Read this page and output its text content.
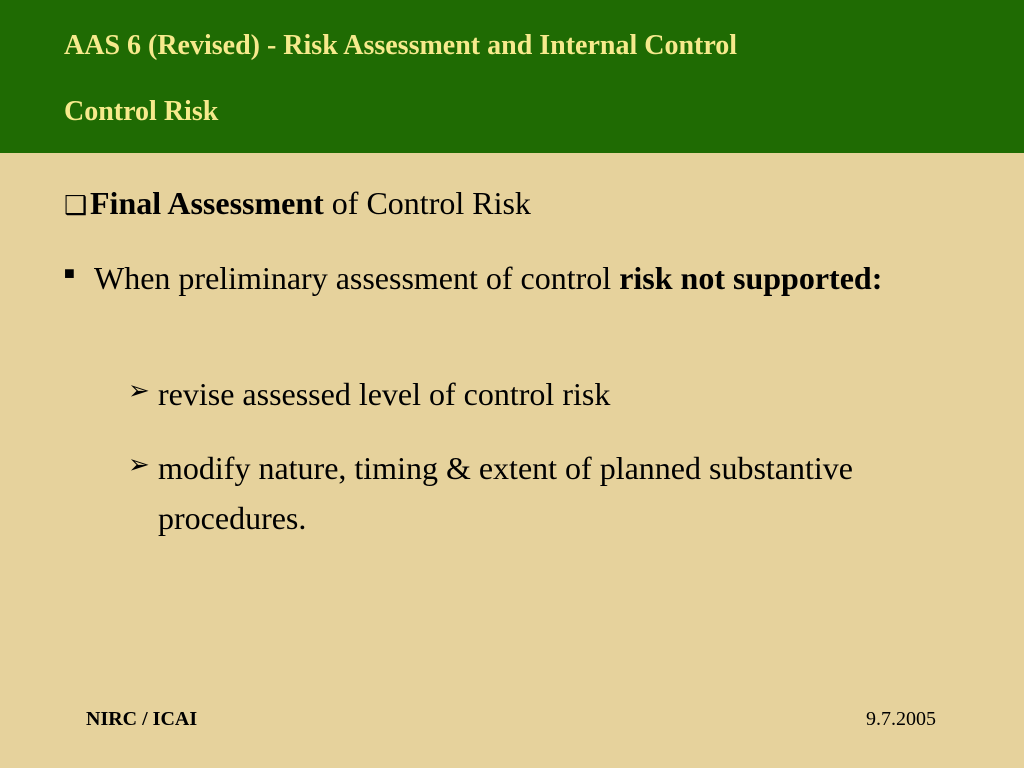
AAS 6 (Revised) - Risk Assessment and Internal Control
Control Risk
❑Final Assessment of Control Risk
■ When preliminary assessment of control risk not supported:
➢ revise assessed level of control risk
➢ modify nature, timing & extent of planned substantive procedures.
NIRC / ICAI	9.7.2005
